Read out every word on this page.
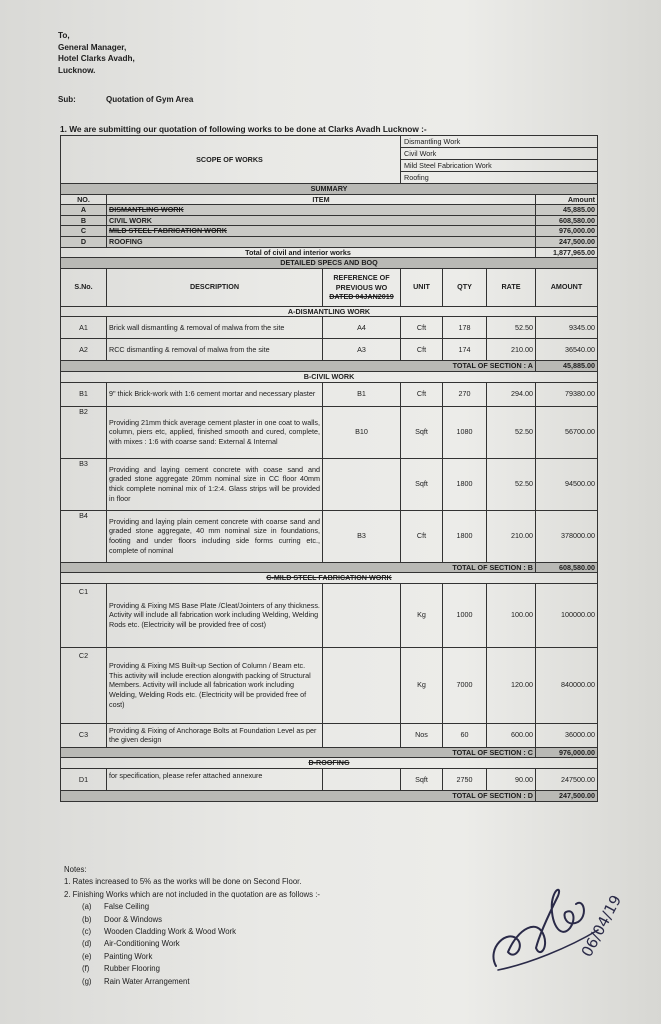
To,
General Manager,
Hotel Clarks Avadh,
Lucknow.
Sub:	Quotation of Gym Area
1. We are submitting our quotation of following works to be done at Clarks Avadh Lucknow :-
SCOPE OF WORKS			Dismantling Work			
			Civil Work			
			Mild Steel Fabrication Work			
			Roofing			
SUMMARY						
NO.	ITEM					Amount
A	DISMANTLING WORK					45,885.00
B	CIVIL WORK					608,580.00
C	MILD STEEL FABRICATION WORK					976,000.00
D	ROOFING					247,500.00
Total of civil and interior works						1,877,965.00
DETAILED SPECS AND BOQ						
S.No.	DESCRIPTION	REFERENCE OF
PREVIOUS WO
DATED 04JAN2019	UNIT	QTY	RATE	AMOUNT
A-DISMANTLING WORK						
A1	Brick wall dismantling & removal of malwa from the site	A4	Cft	178	52.50	9345.00
A2	RCC dismantling & removal of malwa from the site	A3	Cft	174	210.00	36540.00
TOTAL OF SECTION : A						45,885.00
B-CIVIL WORK						
B1	9" thick Brick-work with 1:6 cement mortar and necessary plaster	B1	Cft	270	294.00	79380.00
B2	Providing 21mm thick average cement plaster in one coat to walls, column, piers etc, applied, finished smooth and cured, complete, with mixes : 1:6 with coarse sand: External & Internal	B10	Sqft	1080	52.50	56700.00
B3	Providing and laying cement concrete with coase sand and graded stone aggregate 20mm nominal size in CC floor 40mm thick complete nominal mix of 1:2:4. Glass strips will be provided in floor		Sqft	1800	52.50	94500.00
B4	Providing and laying plain cement concrete with coarse sand and graded stone aggregate, 40 mm nominal size in foundations, footing and under floors including side forms curring etc., complete of nominal	B3	Cft	1800	210.00	378000.00
TOTAL OF SECTION : B						608,580.00
C-MILD STEEL FABRICATION WORK						
C1	Providing & Fixing MS Base Plate /Cleat/Jointers of any thickness. Activity will include all fabrication work including Welding, Welding Rods etc. (Electricity will be provided free of cost)		Kg	1000	100.00	100000.00
C2	Providing & Fixing MS Built-up Section of Column / Beam etc. This activity will include erection alongwith packing of Structural Members. Activity will include all fabrication work including Welding, Welding Rods etc. (Electricity will be provided free of cost)		Kg	7000	120.00	840000.00
C3	Providing & Fixing of Anchorage Bolts at Foundation Level as per the given design		Nos	60	600.00	36000.00
TOTAL OF SECTION : C						976,000.00
D-ROOFING						
D1	for specification, please refer attached annexure		Sqft	2750	90.00	247500.00
TOTAL OF SECTION : D						247,500.00
Notes:
1. Rates increased to 5% as the works will be done on Second Floor.
2. Finishing Works which are not included in the quotation are as follows :-
(a)	False Ceiling
(b)	Door & Windows
(c)	Wooden Cladding Work & Wood Work
(d)	Air-Conditioning Work
(e)	Painting Work
(f)	Rubber Flooring
(g)	Rain Water Arrangement
06/04/19
